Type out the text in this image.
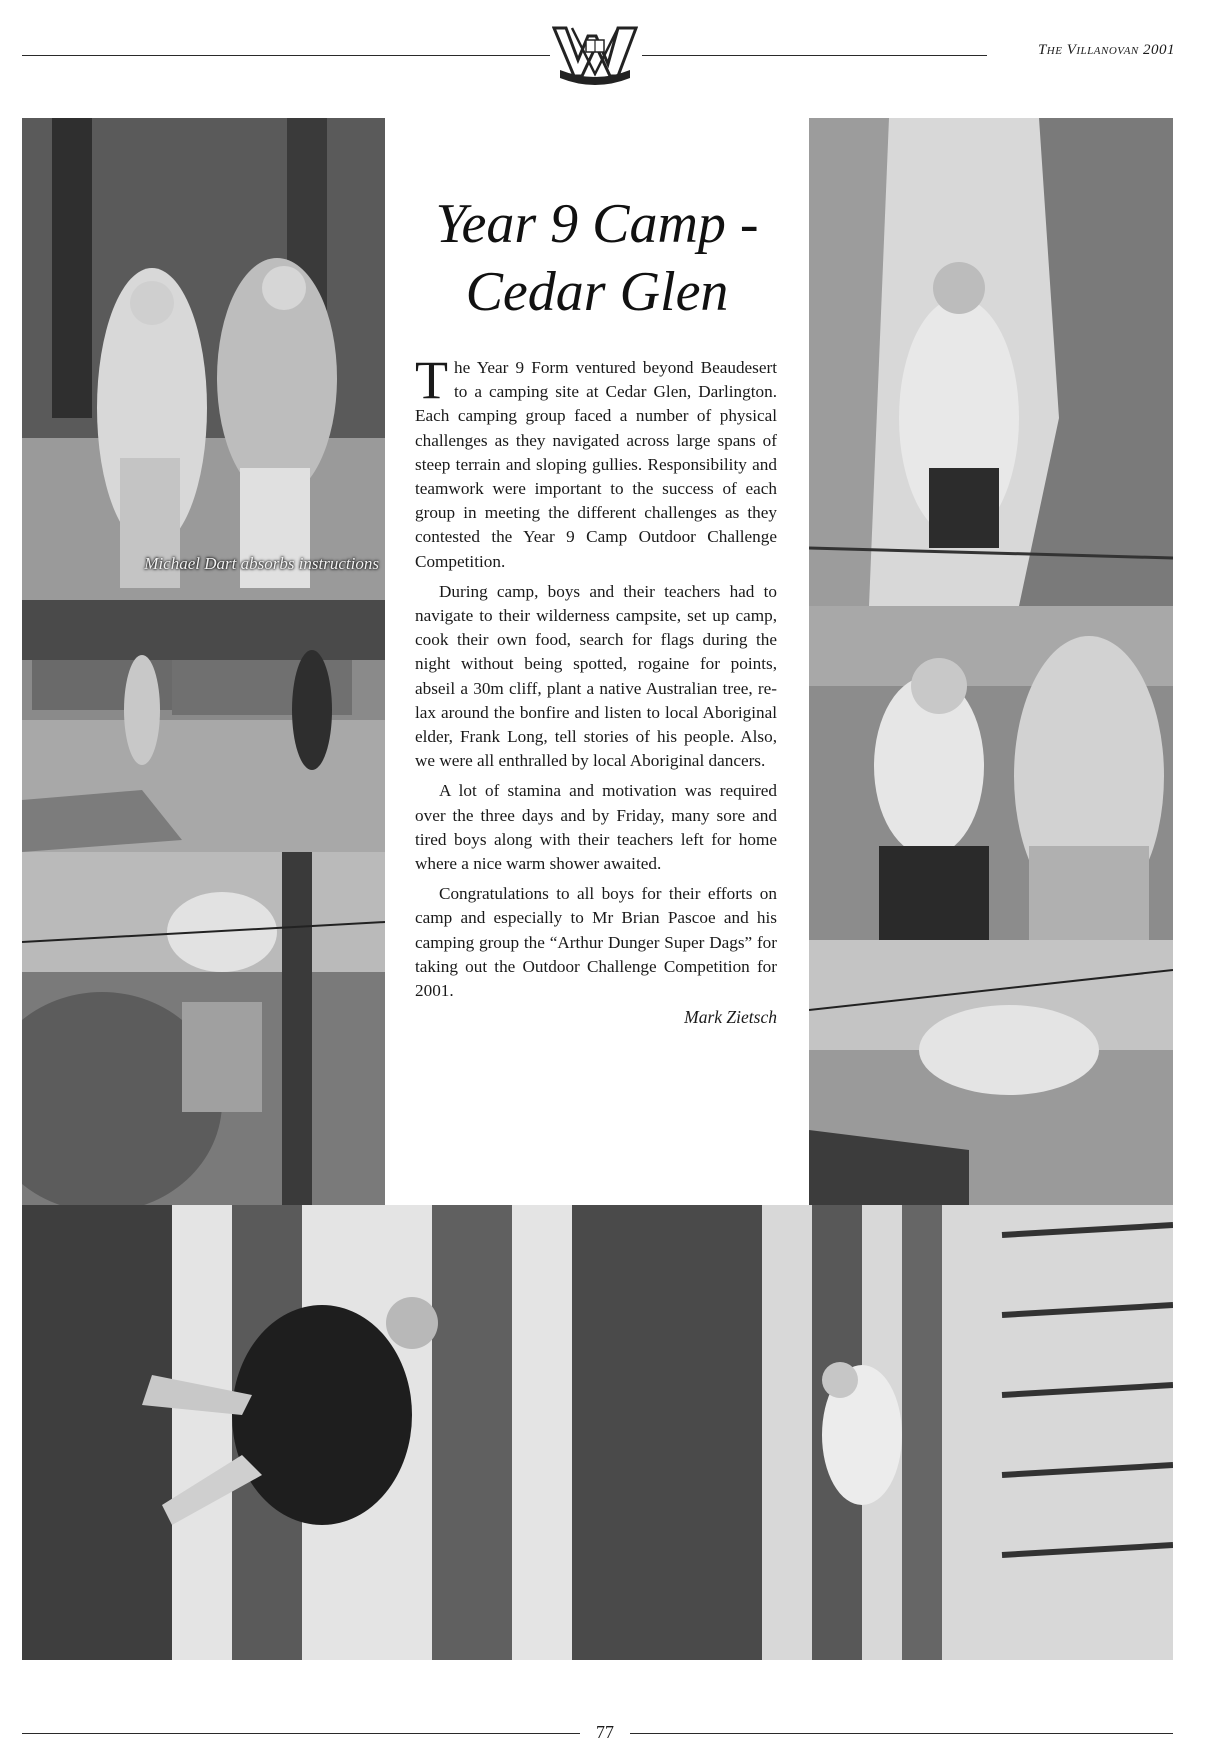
The Villanovan 2001
Michael Dart absorbs instructions
Year 9 Camp -
Cedar Glen

The Year 9 Form ventured beyond Beaudesert to a camping site at Cedar Glen, Darlington. Each camping group faced a number of physical challenges as they navigated across large spans of steep terrain and sloping gullies. Responsibility and teamwork were important to the success of each group in meeting the different challenges as they contested the Year 9 Camp Outdoor Challenge Competition.

During camp, boys and their teachers had to navigate to their wilderness campsite, set up camp, cook their own food, search for flags during the night without being spotted, rogaine for points, abseil a 30m cliff, plant a native Australian tree, relax around the bonfire and listen to local Aboriginal elder, Frank Long, tell stories of his people. Also, we were all enthralled by local Aboriginal dancers.

A lot of stamina and motivation was required over the three days and by Friday, many sore and tired boys along with their teachers left for home where a nice warm shower awaited.

Congratulations to all boys for their efforts on camp and especially to Mr Brian Pascoe and his camping group the “Arthur Dunger Super Dags” for taking out the Outdoor Challenge Competition for 2001.

Mark Zietsch
77
